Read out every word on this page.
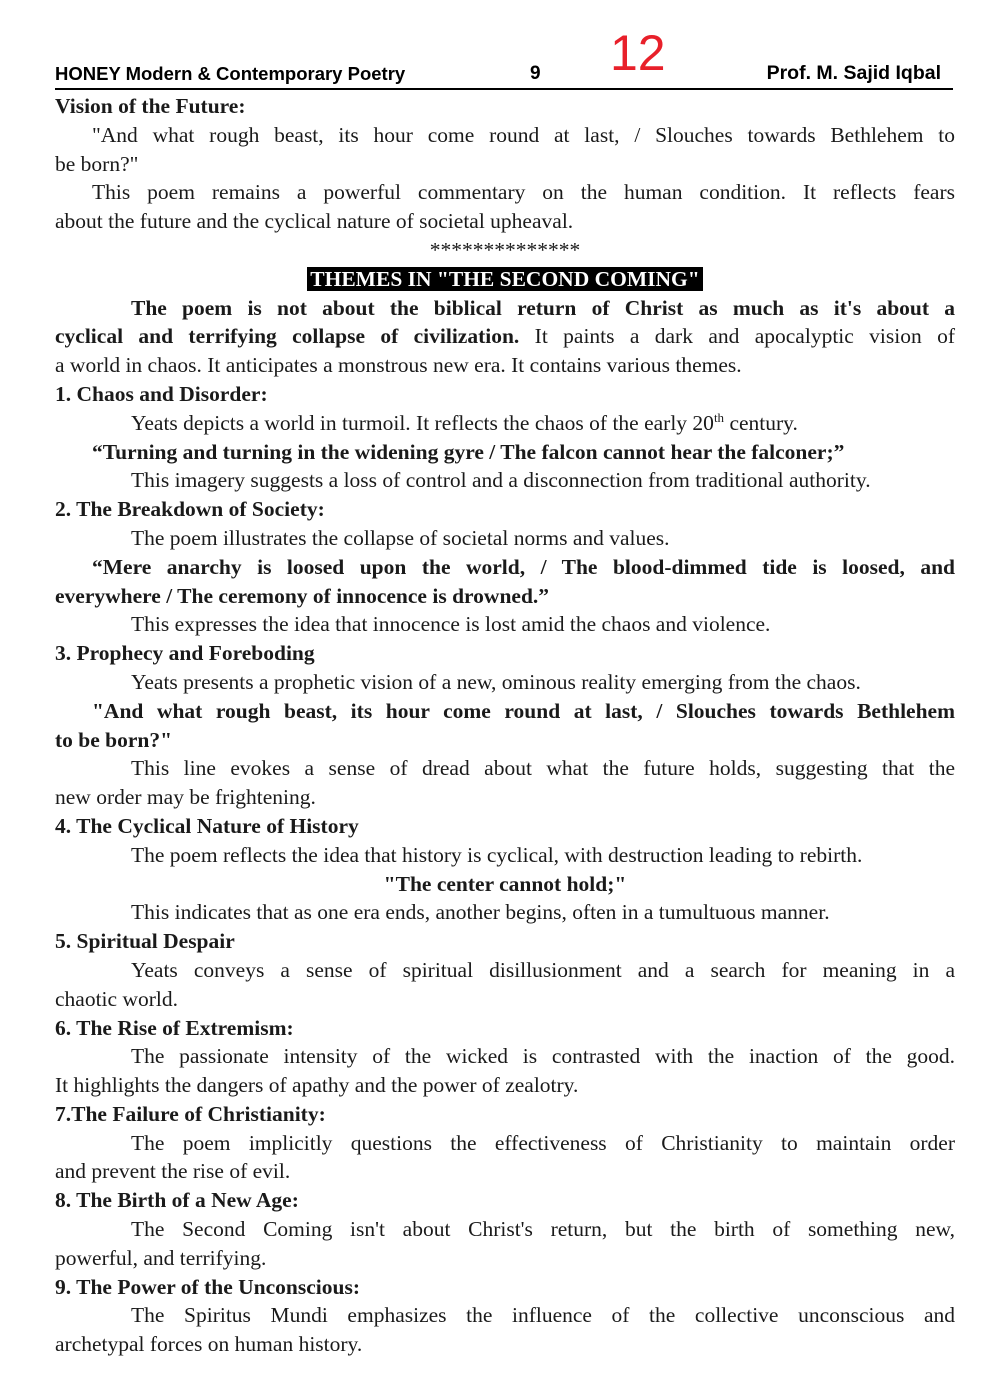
HONEY Modern & Contemporary Poetry	9 12	Prof. M. Sajid Iqbal
Vision of the Future:
"And what rough beast, its hour come round at last, / Slouches towards Bethlehem to
be born?"
This poem remains a powerful commentary on the human condition. It reflects fears
about the future and the cyclical nature of societal upheaval.
**************
THEMES IN "THE SECOND COMING"
The poem is not about the biblical return of Christ as much as it's about a
cyclical and terrifying collapse of civilization. It paints a dark and apocalyptic vision of
a world in chaos. It anticipates a monstrous new era. It contains various themes.
1. Chaos and Disorder:
Yeats depicts a world in turmoil. It reflects the chaos of the early 20th century.
“Turning and turning in the widening gyre / The falcon cannot hear the falconer;”
This imagery suggests a loss of control and a disconnection from traditional authority.
2. The Breakdown of Society:
The poem illustrates the collapse of societal norms and values.
“Mere anarchy is loosed upon the world, / The blood-dimmed tide is loosed, and
everywhere / The ceremony of innocence is drowned.”
This expresses the idea that innocence is lost amid the chaos and violence.
3. Prophecy and Foreboding
Yeats presents a prophetic vision of a new, ominous reality emerging from the chaos.
"And what rough beast, its hour come round at last, / Slouches towards Bethlehem
to be born?"
This line evokes a sense of dread about what the future holds, suggesting that the
new order may be frightening.
4. The Cyclical Nature of History
The poem reflects the idea that history is cyclical, with destruction leading to rebirth.
"The center cannot hold;"
This indicates that as one era ends, another begins, often in a tumultuous manner.
5. Spiritual Despair
Yeats conveys a sense of spiritual disillusionment and a search for meaning in a
chaotic world.
6. The Rise of Extremism:
The passionate intensity of the wicked is contrasted with the inaction of the good.
It highlights the dangers of apathy and the power of zealotry.
7.The Failure of Christianity:
The poem implicitly questions the effectiveness of Christianity to maintain order
and prevent the rise of evil.
8. The Birth of a New Age:
The Second Coming isn't about Christ's return, but the birth of something new,
powerful, and terrifying.
9. The Power of the Unconscious:
The Spiritus Mundi emphasizes the influence of the collective unconscious and
archetypal forces on human history.
